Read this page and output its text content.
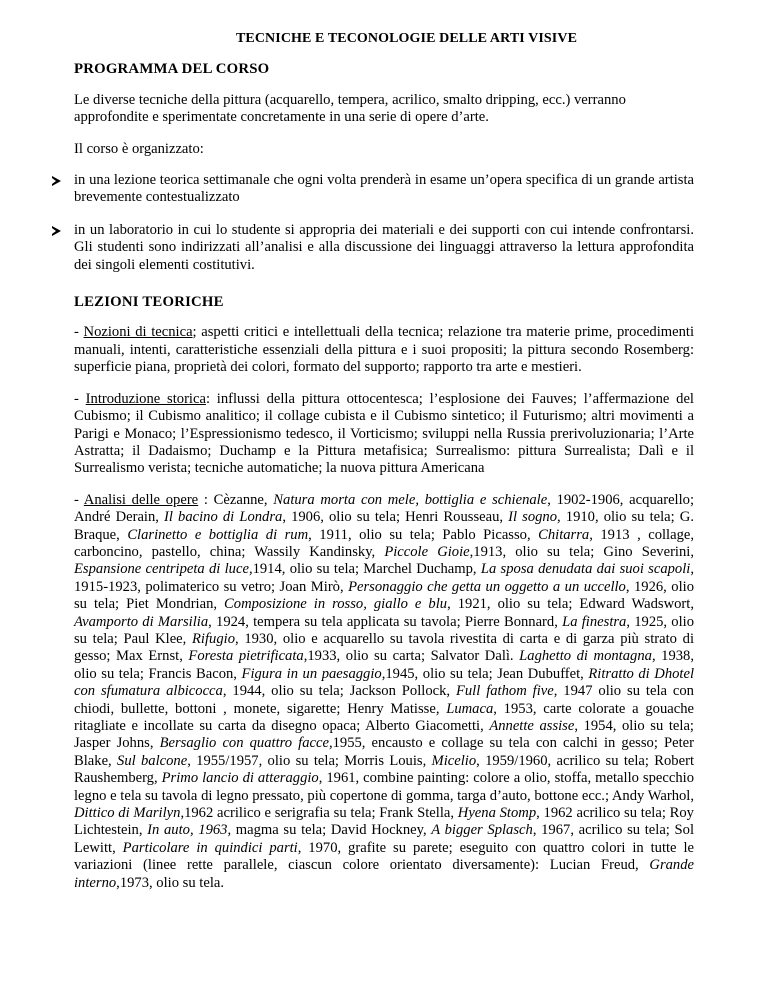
TECNICHE E TECONOLOGIE DELLE ARTI VISIVE
PROGRAMMA DEL CORSO

Le diverse tecniche della pittura (acquarello, tempera, acrilico, smalto dripping, ecc.) verranno approfondite e sperimentate concretamente in una serie di opere d’arte.

Il corso è organizzato:

in una lezione teorica settimanale che ogni volta prenderà in esame un’opera specifica di un grande artista brevemente contestualizzato
in un laboratorio in cui lo studente si appropria dei materiali e dei supporti con cui intende confrontarsi. Gli studenti sono indirizzati all’analisi e alla discussione dei linguaggi attraverso la lettura approfondita dei singoli elementi costitutivi.
LEZIONI TEORICHE

- Nozioni di tecnica; aspetti critici e intellettuali della tecnica; relazione tra materie prime, procedimenti manuali, intenti, caratteristiche essenziali della pittura e i suoi propositi; la pittura secondo Rosemberg: superficie piana, proprietà dei colori, formato del supporto; rapporto tra arte e mestieri.

- Introduzione storica: influssi della pittura ottocentesca; l’esplosione dei Fauves; l’affermazione del Cubismo; il Cubismo analitico; il collage cubista e il Cubismo sintetico; il Futurismo; altri movimenti a Parigi e Monaco; l’Espressionismo tedesco, il Vorticismo; sviluppi nella Russia prerivoluzionaria; l’Arte Astratta; il Dadaismo; Duchamp e la Pittura metafisica; Surrealismo: pittura Surrealista; Dalì e il Surrealismo verista; tecniche automatiche; la nuova pittura Americana

- Analisi delle opere : Cèzanne, Natura morta con mele, bottiglia e schienale, 1902-1906, acquarello; André Derain, Il bacino di Londra, 1906, olio su tela; Henri Rousseau, Il sogno, 1910, olio su tela; G. Braque, Clarinetto e bottiglia di rum, 1911, olio su tela; Pablo Picasso, Chitarra, 1913 , collage, carboncino, pastello, china; Wassily Kandinsky, Piccole Gioie,1913, olio su tela; Gino Severini, Espansione centripeta di luce,1914, olio su tela; Marchel Duchamp, La sposa denudata dai suoi scapoli, 1915-1923, polimaterico su vetro; Joan Mirò, Personaggio che getta un oggetto a un uccello, 1926, olio su tela; Piet Mondrian, Composizione in rosso, giallo e blu, 1921, olio su tela; Edward Wadswort, Avamporto di Marsilia, 1924, tempera su tela applicata su tavola; Pierre Bonnard, La finestra, 1925, olio su tela; Paul Klee, Rifugio, 1930, olio e acquarello su tavola rivestita di carta e di garza più strato di gesso; Max Ernst, Foresta pietrificata,1933, olio su carta; Salvator Dalì. Laghetto di montagna, 1938, olio su tela; Francis Bacon, Figura in un paesaggio,1945, olio su tela; Jean Dubuffet, Ritratto di Dhotel con sfumatura albicocca, 1944, olio su tela; Jackson Pollock, Full fathom five, 1947 olio su tela con chiodi, bullette, bottoni , monete, sigarette; Henry Matisse, Lumaca, 1953, carte colorate a gouache ritagliate e incollate su carta da disegno opaca; Alberto Giacometti, Annette assise, 1954, olio su tela; Jasper Johns, Bersaglio con quattro facce,1955, encausto e collage su tela con calchi in gesso; Peter Blake, Sul balcone, 1955/1957, olio su tela; Morris Louis, Micelio, 1959/1960, acrilico su tela; Robert Raushemberg, Primo lancio di atteraggio, 1961, combine painting: colore a olio, stoffa, metallo specchio legno e tela su tavola di legno pressato, più copertone di gomma, targa d’auto, bottone ecc.; Andy Warhol, Dittico di Marilyn,1962 acrilico e serigrafia su tela; Frank Stella, Hyena Stomp, 1962 acrilico su tela; Roy Lichtestein, In auto, 1963, magma su tela; David Hockney, A bigger Splasch, 1967, acrilico su tela; Sol Lewitt, Particolare in quindici parti, 1970, grafite su parete; eseguito con quattro colori in tutte le variazioni (linee rette parallele, ciascun colore orientato diversamente): Lucian Freud, Grande interno,1973, olio su tela.
